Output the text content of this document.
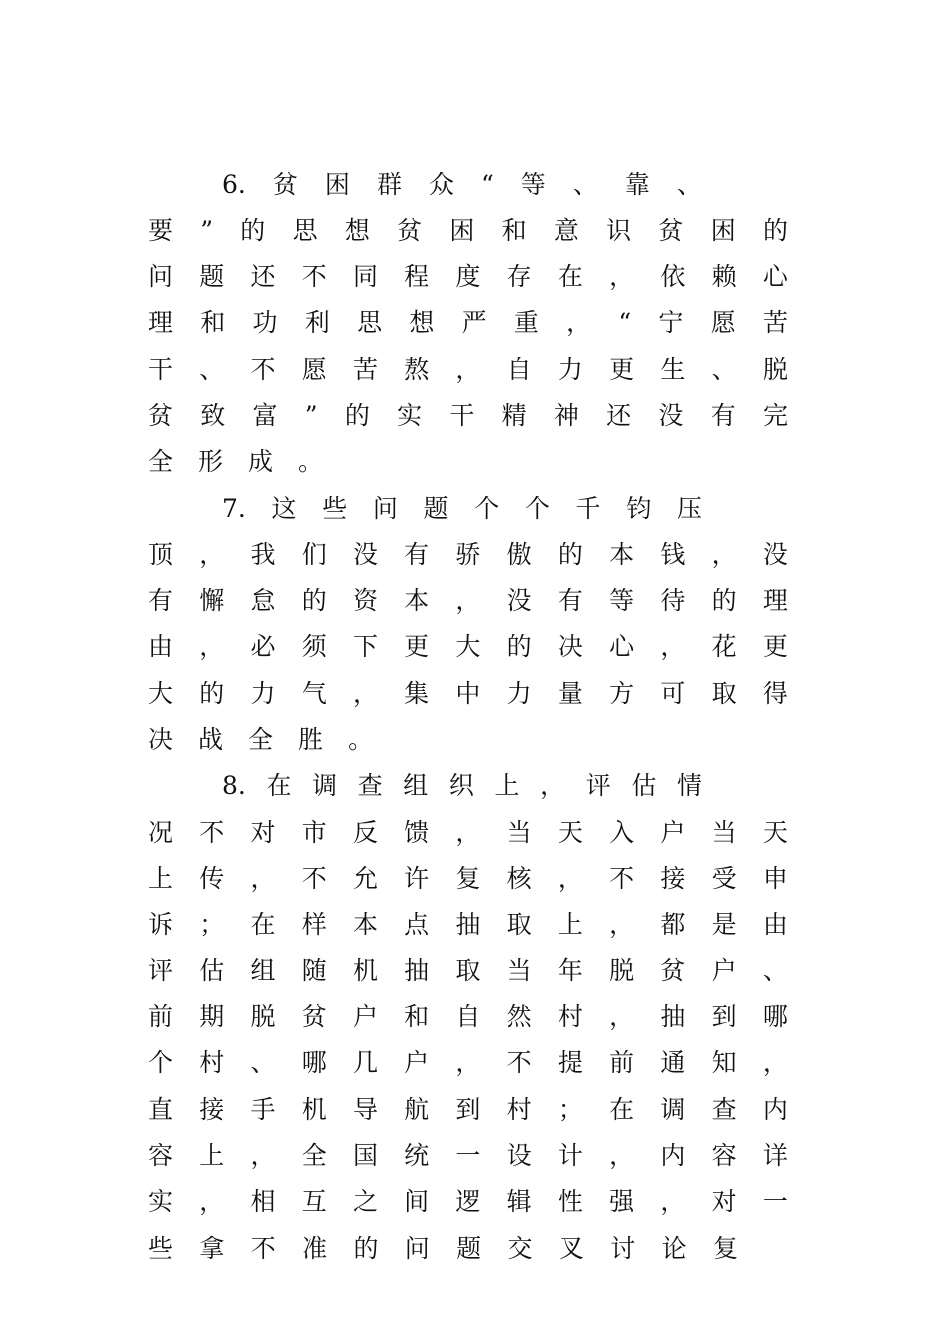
6. 贫 困 群 众 “ 等 、 靠 、
要 ” 的 思 想 贫 困 和 意 识 贫 困 的
问 题 还 不 同 程 度 存 在 ， 依 赖 心
理 和 功 利 思 想 严 重 ， “ 宁 愿 苦
干 、 不 愿 苦 熬 ， 自 力 更 生 、 脱
贫 致 富 ” 的 实 干 精 神 还 没 有 完
全 形 成 。
7. 这 些 问 题 个 个 千 钧 压
顶 ， 我 们 没 有 骄 傲 的 本 钱 ， 没
有 懈 怠 的 资 本 ， 没 有 等 待 的 理
由 ， 必 须 下 更 大 的 决 心 ， 花 更
大 的 力 气 ， 集 中 力 量 方 可 取 得
决 战 全 胜 。
8. 在 调 查 组 织 上 ， 评 估 情
况 不 对 市 反 馈 ， 当 天 入 户 当 天
上 传 ， 不 允 许 复 核 ， 不 接 受 申
诉 ； 在 样 本 点 抽 取 上 ， 都 是 由
评 估 组 随 机 抽 取 当 年 脱 贫 户 、
前 期 脱 贫 户 和 自 然 村 ， 抽 到 哪
个 村 、 哪 几 户 ， 不 提 前 通 知 ，
直 接 手 机 导 航 到 村 ； 在 调 查 内
容 上 ， 全 国 统 一 设 计 ， 内 容 详
实 ， 相 互 之 间 逻 辑 性 强 ， 对 一
些 拿 不 准 的 问 题 交 叉 讨 论 复
